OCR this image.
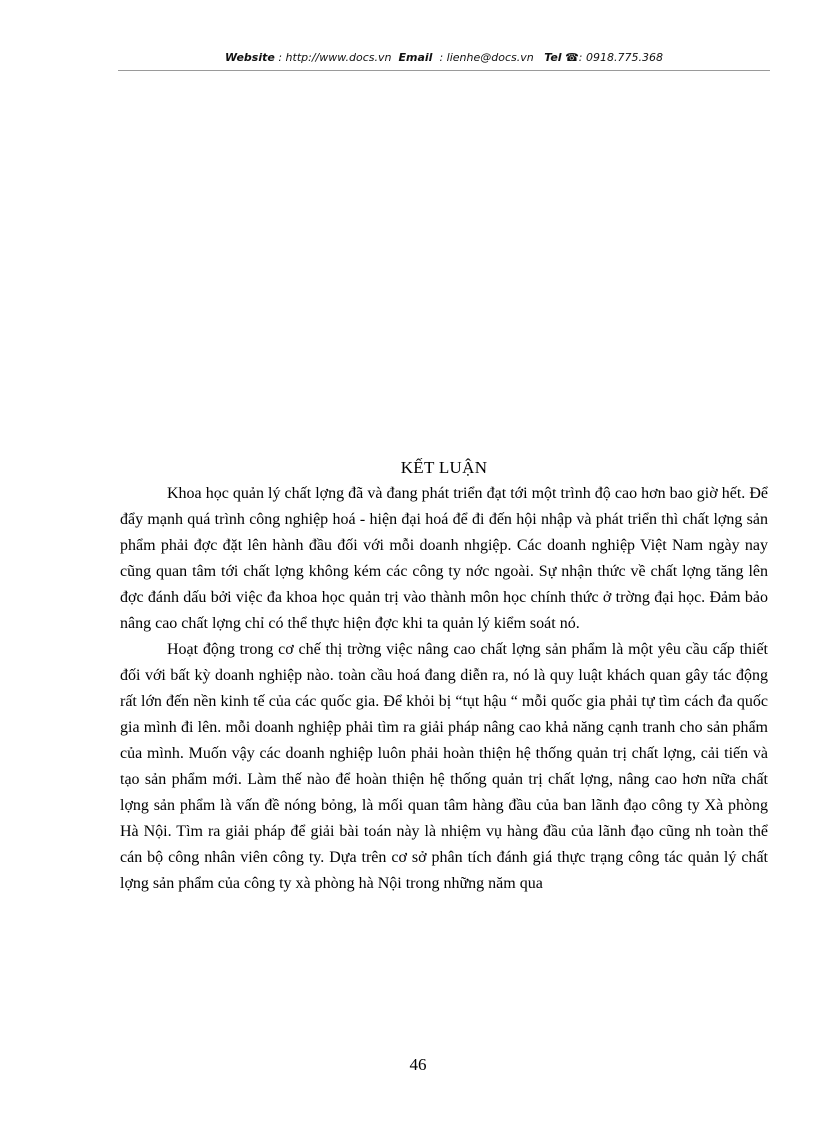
Website : http://www.docs.vn Email : lienhe@docs.vn Tel ☎: 0918.775.368
KẾT LUẬN

Khoa học quản lý chất lợng đã và đang phát triển đạt tới một trình độ cao hơn bao giờ hết. Để đẩy mạnh quá trình công nghiệp hoá - hiện đại hoá để đi đến hội nhập và phát triển thì chất lợng sản phẩm phải đợc đặt lên hành đầu đối với mỗi doanh nhgiệp. Các doanh nghiệp Việt Nam ngày nay cũng quan tâm tới chất lợng không kém các công ty nớc ngoài. Sự nhận thức về chất lợng tăng lên đợc đánh dấu bởi việc đa khoa học quản trị vào thành môn học chính thức ở trờng đại học. Đảm bảo nâng cao chất lợng chỉ có thể thực hiện đợc khi ta quản lý kiểm soát nó.

Hoạt động trong cơ chế thị trờng việc nâng cao chất lợng sản phẩm là một yêu cầu cấp thiết đối với bất kỳ doanh nghiệp nào. toàn cầu hoá đang diễn ra, nó là quy luật khách quan gây tác động rất lớn đến nền kinh tế của các quốc gia. Để khỏi bị “tụt hậu “ mỗi quốc gia phải tự tìm cách đa quốc gia mình đi lên. mỗi doanh nghiệp phải tìm ra giải pháp nâng cao khả năng cạnh tranh cho sản phẩm của mình. Muốn vậy các doanh nghiệp luôn phải hoàn thiện hệ thống quản trị chất lợng, cải tiến và tạo sản phẩm mới. Làm thế nào để hoàn thiện hệ thống quản trị chất lợng, nâng cao hơn nữa chất lợng sản phẩm là vấn đề nóng bỏng, là mối quan tâm hàng đầu của ban lãnh đạo công ty Xà phòng Hà Nội. Tìm ra giải pháp để giải bài toán này là nhiệm vụ hàng đầu của lãnh đạo cũng nh toàn thể cán bộ công nhân viên công ty. Dựa trên cơ sở phân tích đánh giá thực trạng công tác quản lý chất lợng sản phẩm của công ty xà phòng hà Nội trong những năm qua

46
